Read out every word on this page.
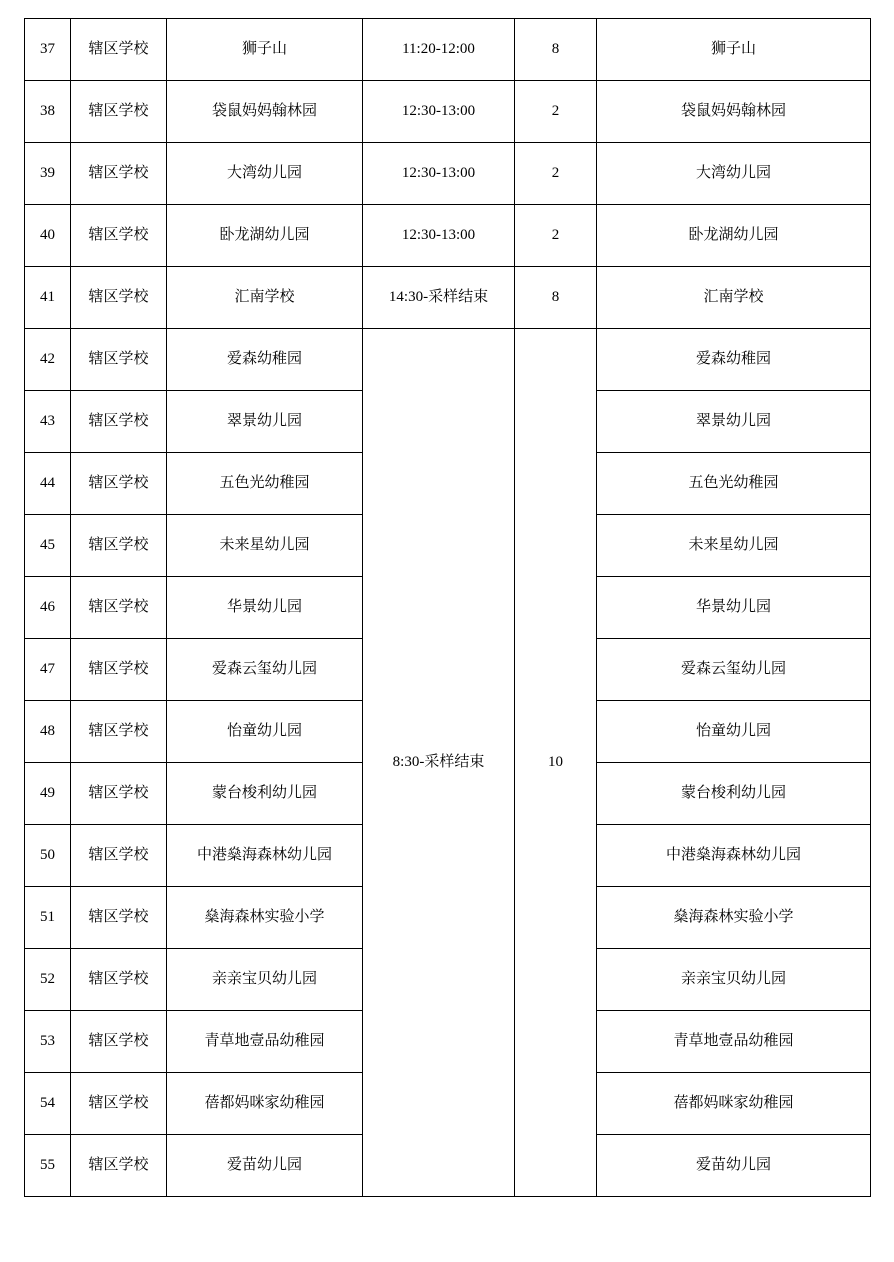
37	辖区学校	狮子山	11:20-12:00	8	狮子山
38	辖区学校	袋鼠妈妈翰林园	12:30-13:00	2	袋鼠妈妈翰林园
39	辖区学校	大湾幼儿园	12:30-13:00	2	大湾幼儿园
40	辖区学校	卧龙湖幼儿园	12:30-13:00	2	卧龙湖幼儿园
41	辖区学校	汇南学校	14:30-采样结束	8	汇南学校
42	辖区学校	爱森幼稚园	8:30-采样结束	10	爱森幼稚园
43	辖区学校	翠景幼儿园			翠景幼儿园
44	辖区学校	五色光幼稚园			五色光幼稚园
45	辖区学校	未来星幼儿园			未来星幼儿园
46	辖区学校	华景幼儿园			华景幼儿园
47	辖区学校	爱森云玺幼儿园			爱森云玺幼儿园
48	辖区学校	怡童幼儿园			怡童幼儿园
49	辖区学校	蒙台梭利幼儿园			蒙台梭利幼儿园
50	辖区学校	中港燊海森林幼儿园			中港燊海森林幼儿园
51	辖区学校	燊海森林实验小学			燊海森林实验小学
52	辖区学校	亲亲宝贝幼儿园			亲亲宝贝幼儿园
53	辖区学校	青草地壹品幼稚园			青草地壹品幼稚园
54	辖区学校	蓓都妈咪家幼稚园			蓓都妈咪家幼稚园
55	辖区学校	爱苗幼儿园			爱苗幼儿园
